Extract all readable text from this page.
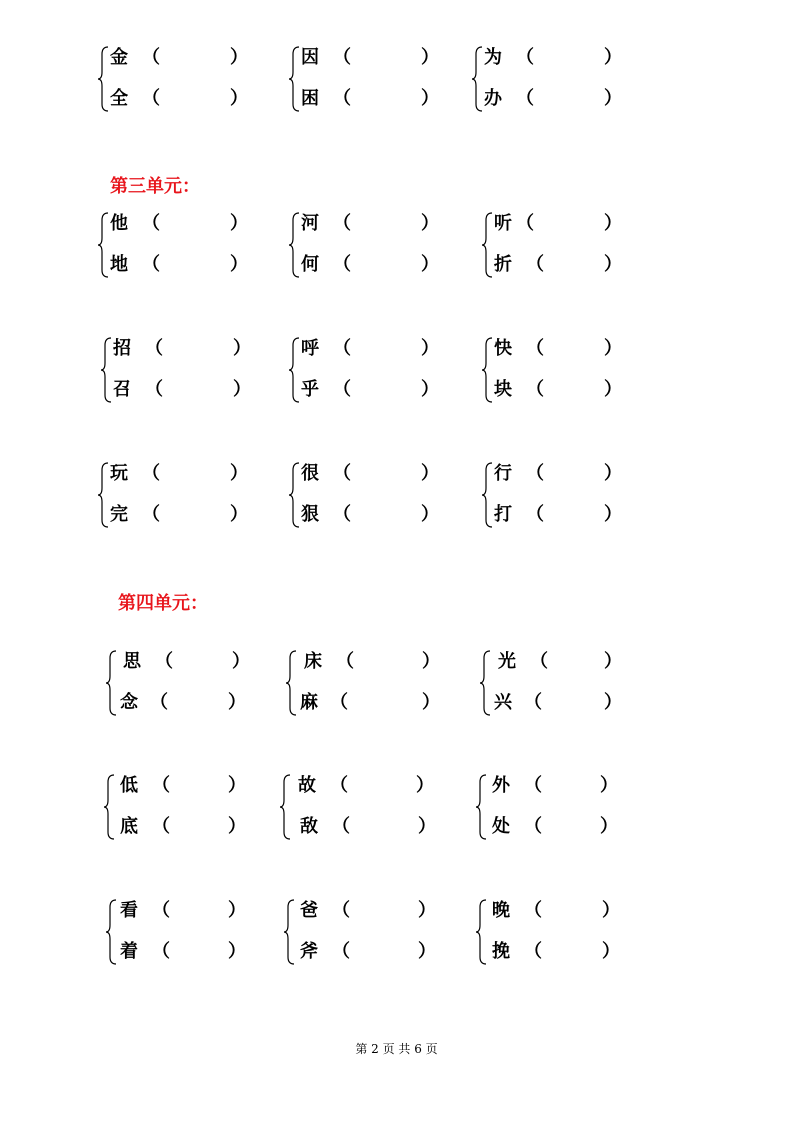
金 （	）
全 （	）
因 （	）
困 （	）
为 （	）
办 （	）
第三单元：
他 （	）
地 （	）
河 （	）
何 （	）
听 （	）
折 （	）
招 （	）
召 （	）
呼 （	）
乎 （	）
快 （	）
块 （	）
玩 （	）
完 （	）
很 （	）
狠 （	）
行 （	）
打 （	）
第四单元：
思 （	）
念 （	）
床 （	）
麻 （	）
光 （	）
兴 （	）
低 （	）
底 （	）
故 （	）
敌 （	）
外 （	）
处 （	）
看 （	）
着 （	）
爸 （	）
斧 （	）
晚 （	）
挽 （	）
第 2 页 共 6 页
